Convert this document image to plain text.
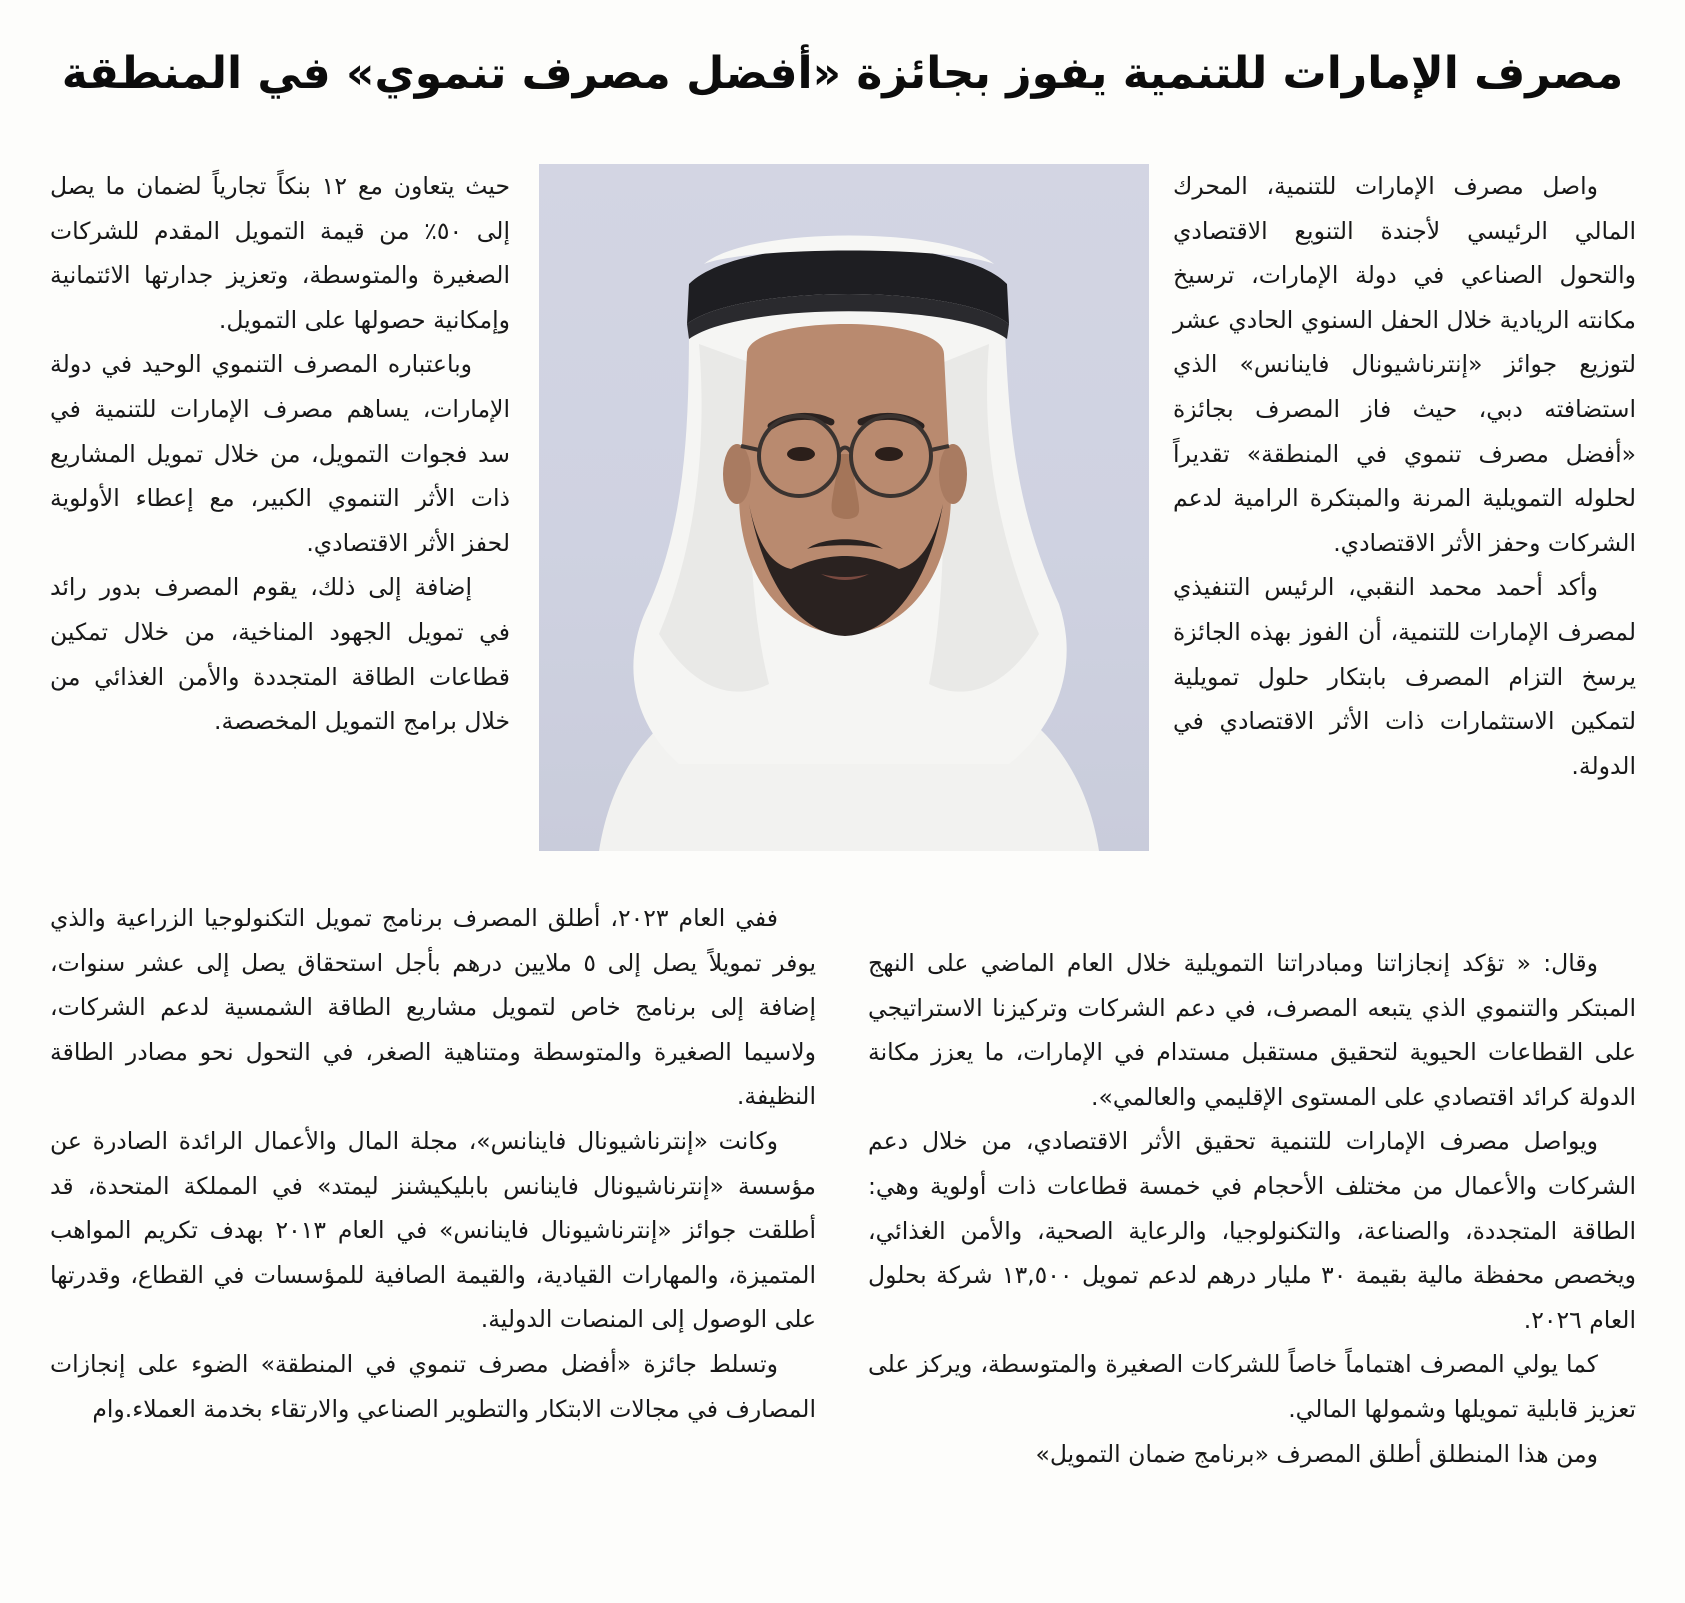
مصرف الإمارات للتنمية يفوز بجائزة «أفضل مصرف تنموي» في المنطقة

واصل مصرف الإمارات للتنمية، المحرك المالي الرئيسي لأجندة التنويع الاقتصادي والتحول الصناعي في دولة الإمارات، ترسيخ مكانته الريادية خلال الحفل السنوي الحادي عشر لتوزيع جوائز «إنترناشيونال فاينانس» الذي استضافته دبي، حيث فاز المصرف بجائزة «أفضل مصرف تنموي في المنطقة» تقديراً لحلوله التمويلية المرنة والمبتكرة الرامية لدعم الشركات وحفز الأثر الاقتصادي.

وأكد أحمد محمد النقبي، الرئيس التنفيذي لمصرف الإمارات للتنمية، أن الفوز بهذه الجائزة يرسخ التزام المصرف بابتكار حلول تمويلية لتمكين الاستثمارات ذات الأثر الاقتصادي في الدولة.

حيث يتعاون مع ١٢ بنكاً تجارياً لضمان ما يصل إلى ٥٠٪ من قيمة التمويل المقدم للشركات الصغيرة والمتوسطة، وتعزيز جدارتها الائتمانية وإمكانية حصولها على التمويل.

وباعتباره المصرف التنموي الوحيد في دولة الإمارات، يساهم مصرف الإمارات للتنمية في سد فجوات التمويل، من خلال تمويل المشاريع ذات الأثر التنموي الكبير، مع إعطاء الأولوية لحفز الأثر الاقتصادي.

إضافة إلى ذلك، يقوم المصرف بدور رائد في تمويل الجهود المناخية، من خلال تمكين قطاعات الطاقة المتجددة والأمن الغذائي من خلال برامج التمويل المخصصة.

وقال: « تؤكد إنجازاتنا ومبادراتنا التمويلية خلال العام الماضي على النهج المبتكر والتنموي الذي يتبعه المصرف، في دعم الشركات وتركيزنا الاستراتيجي على القطاعات الحيوية لتحقيق مستقبل مستدام في الإمارات، ما يعزز مكانة الدولة كرائد اقتصادي على المستوى الإقليمي والعالمي».

ويواصل مصرف الإمارات للتنمية تحقيق الأثر الاقتصادي، من خلال دعم الشركات والأعمال من مختلف الأحجام في خمسة قطاعات ذات أولوية وهي: الطاقة المتجددة، والصناعة، والتكنولوجيا، والرعاية الصحية، والأمن الغذائي، ويخصص محفظة مالية بقيمة ٣٠ مليار درهم لدعم تمويل ١٣,٥٠٠ شركة بحلول العام ٢٠٢٦.

كما يولي المصرف اهتماماً خاصاً للشركات الصغيرة والمتوسطة، ويركز على تعزيز قابلية تمويلها وشمولها المالي.

ومن هذا المنطلق أطلق المصرف «برنامج ضمان التمويل»

ففي العام ٢٠٢٣، أطلق المصرف برنامج تمويل التكنولوجيا الزراعية والذي يوفر تمويلاً يصل إلى ٥ ملايين درهم بأجل استحقاق يصل إلى عشر سنوات، إضافة إلى برنامج خاص لتمويل مشاريع الطاقة الشمسية لدعم الشركات، ولاسيما الصغيرة والمتوسطة ومتناهية الصغر، في التحول نحو مصادر الطاقة النظيفة.

وكانت «إنترناشيونال فاينانس»، مجلة المال والأعمال الرائدة الصادرة عن مؤسسة «إنترناشيونال فاينانس بابليكيشنز ليمتد» في المملكة المتحدة، قد أطلقت جوائز «إنترناشيونال فاينانس» في العام ٢٠١٣ بهدف تكريم المواهب المتميزة، والمهارات القيادية، والقيمة الصافية للمؤسسات في القطاع، وقدرتها على الوصول إلى المنصات الدولية.

وتسلط جائزة «أفضل مصرف تنموي في المنطقة» الضوء على إنجازات المصارف في مجالات الابتكار والتطوير الصناعي والارتقاء بخدمة العملاء.وام
